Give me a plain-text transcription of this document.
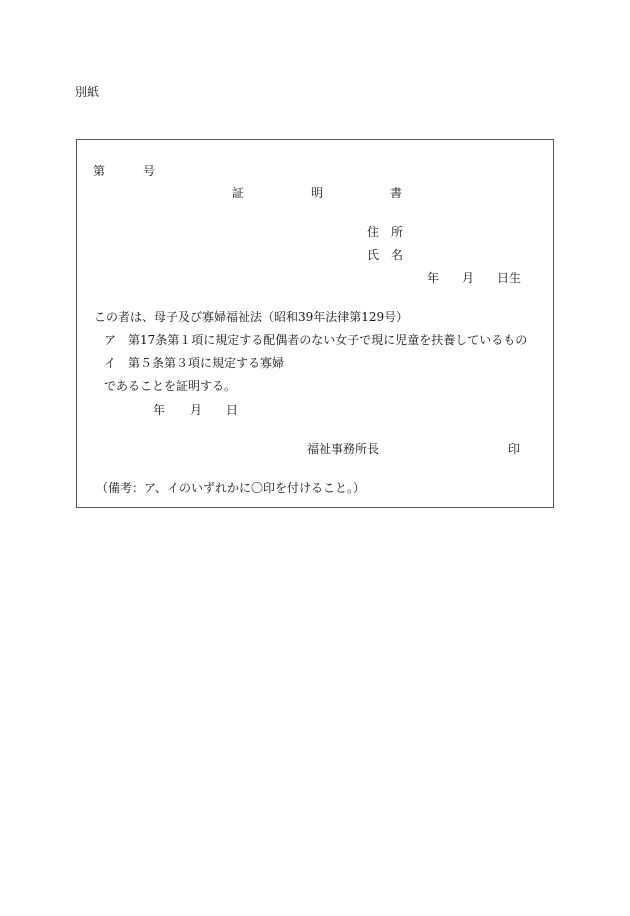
別紙
第	号
証	明	書
住　所
氏　名
年 月 日生
この者は、母子及び寡婦福祉法（昭和39年法律第129号）
ア　第17条第１項に規定する配偶者のない女子で現に児童を扶養しているもの
イ　第５条第３項に規定する寡婦
であることを証明する。
年 月 日
福祉事務所長	印
（備考：ア、イのいずれかに〇印を付けること。）
